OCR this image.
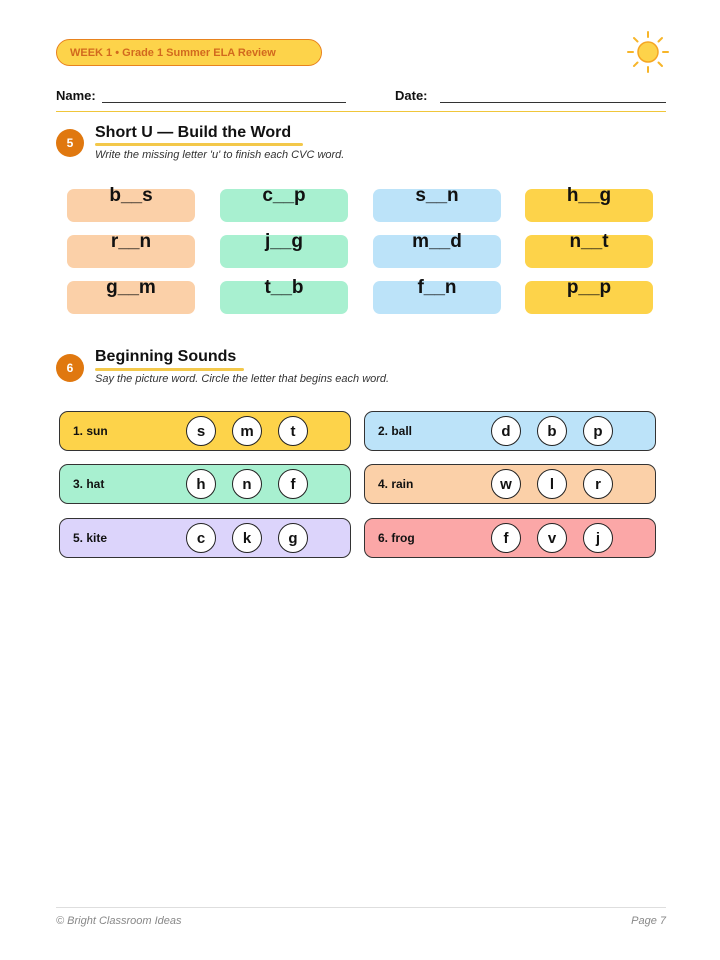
WEEK 1 • Grade 1 Summer ELA Review
Name:	Date:
5
Short U — Build the Word
Write the missing letter 'u' to finish each CVC word.
b__s	c__p	s__n	h__g
r__n	j__g	m__d	n__t
g__m	t__b	f__n	p__p
6
Beginning Sounds
Say the picture word. Circle the letter that begins each word.
1. sun	s	m	t	2. ball	d	b	p
3. hat	h	n	f	4. rain	w	l	r
5. kite	c	k	g	6. frog	f	v	j
© Bright Classroom Ideas	Page 7
